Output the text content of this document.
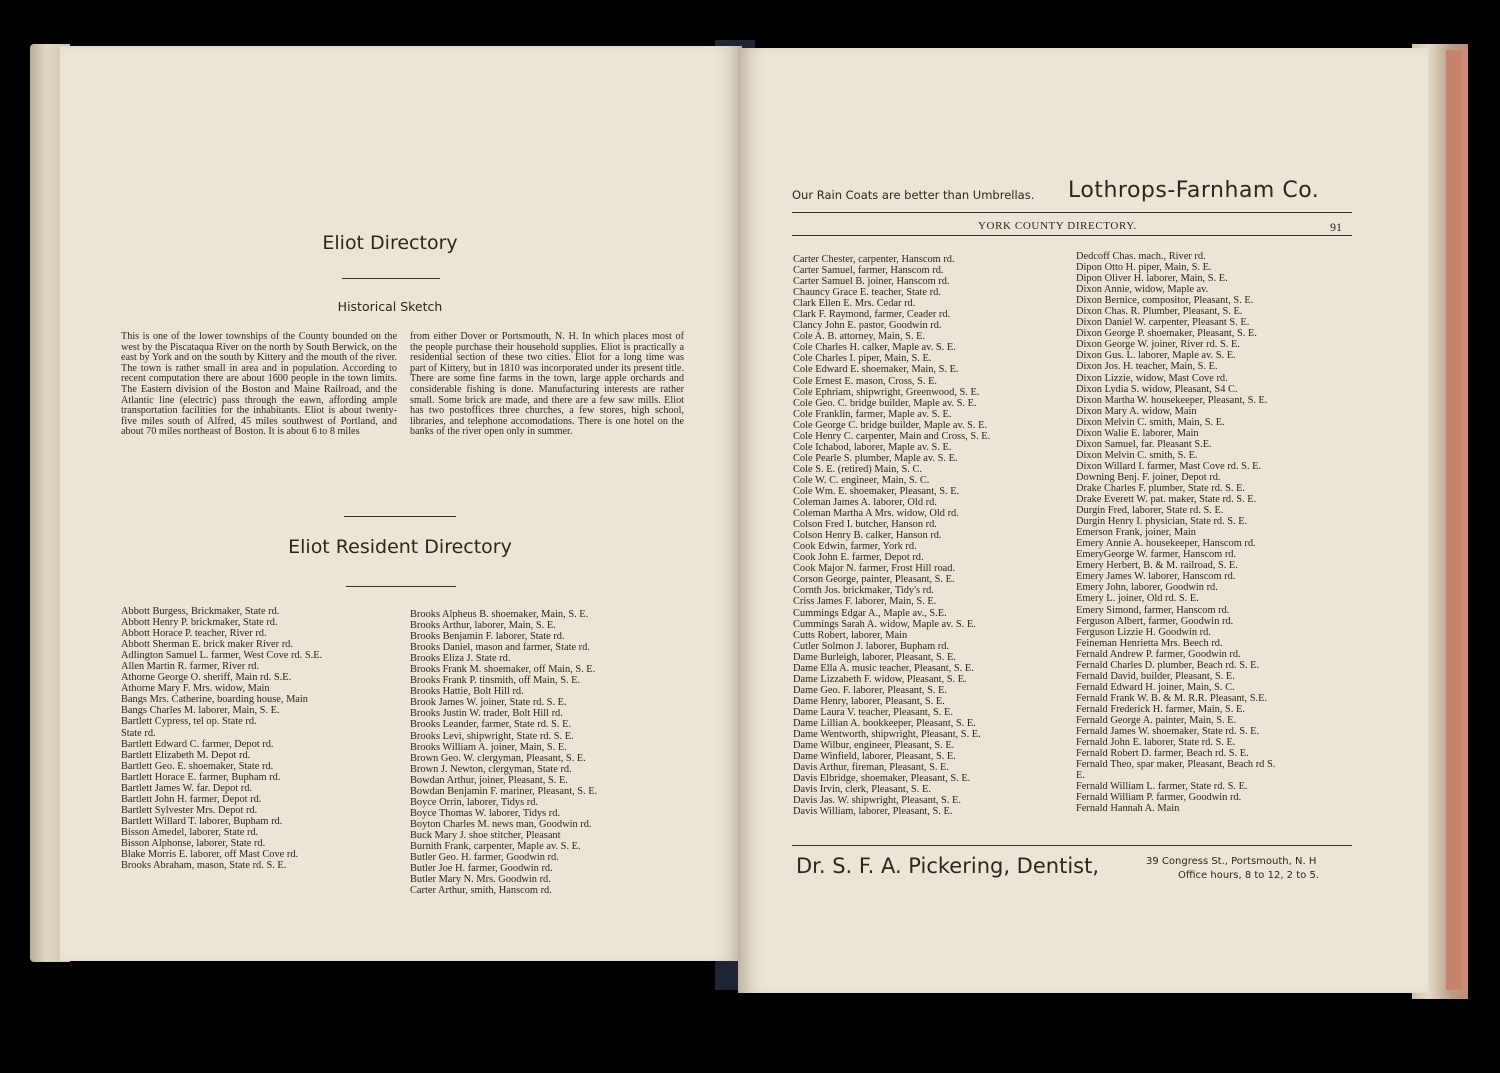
Eliot Directory
Historical Sketch
This is one of the lower townships of the County bounded on the west by the Piscataqua River on the north by South Berwick, on the east by York and on the south by Kittery and the mouth of the river. The town is rather small in area and in population. According to recent computation there are about 1600 people in the town limits. The Eastern division of the Boston and Maine Railroad, and the Atlantic line (electric) pass through the eawn, affording ample transportation facilities for the inhabitants. Eliot is about twenty-five miles south of Alfred, 45 miles southwest of Portland, and about 70 miles northeast of Boston. It is about 6 to 8 miles
from either Dover or Portsmouth, N. H. In which places most of the people purchase their household supplies. Eliot is practically a residential section of these two cities. Eliot for a long time was part of Kittery, but in 1810 was incorporated under its present title. There are some fine farms in the town, large apple orchards and considerable fishing is done. Manufacturing interests are rather small. Some brick are made, and there are a few saw mills. Eliot has two postoffices three churches, a few stores, high school, libraries, and telephone accomodations. There is one hotel on the banks of the river open only in summer.
Eliot Resident Directory
Abbott Burgess, Brickmaker, State rd.
Abbott Henry P. brickmaker, State rd.
Abbott Horace P. teacher, River rd.
Abbott Sherman E. brick maker River rd.
Adlington Samuel L. farmer, West Cove rd. S.E.
Allen Martin R. farmer, River rd.
Athorne George O. sheriff, Main rd. S.E.
Athorne Mary F. Mrs. widow, Main
Bangs Mrs. Catherine, boarding house, Main
Bangs Charles M. laborer, Main, S. E.
Bartlett Cypress, tel op. State rd.
State rd.
Bartlett Edward C. farmer, Depot rd.
Bartlett Elizabeth M. Depot rd.
Bartlett Geo. E. shoemaker, State rd.
Bartlett Horace E. farmer, Bupham rd.
Bartlett James W. far. Depot rd.
Bartlett John H. farmer, Depot rd.
Bartlett Sylvester Mrs. Depot rd.
Bartlett Willard T. laborer, Bupham rd.
Bisson Amedel, laborer, State rd.
Bisson Alphonse, laborer, State rd.
Blake Morris E. laborer, off Mast Cove rd.
Brooks Abraham, mason, State rd. S. E.
Brooks Alpheus B. shoemaker, Main, S. E.
Brooks Arthur, laborer, Main, S. E.
Brooks Benjamin F. laborer, State rd.
Brooks Daniel, mason and farmer, State rd.
Brooks Eliza J. State rd.
Brooks Frank M. shoemaker, off Main, S. E.
Brooks Frank P. tinsmith, off Main, S. E.
Brooks Hattie, Bolt Hill rd.
Brook James W. joiner, State rd. S. E.
Brooks Justin W. trader, Bolt Hill rd.
Brooks Leander, farmer, State rd. S. E.
Brooks Levi, shipwright, State rd. S. E.
Brooks William A. joiner, Main, S. E.
Brown Geo. W. clergyman, Pleasant, S. E.
Brown J. Newton, clergyman, State rd.
Bowdan Arthur, joiner, Pleasant, S. E.
Bowdan Benjamin F. mariner, Pleasant, S. E.
Boyce Orrin, laborer, Tidys rd.
Boyce Thomas W. laborer, Tidys rd.
Boyton Charles M. news man, Goodwin rd.
Buck Mary J. shoe stitcher, Pleasant
Burnith Frank, carpenter, Maple av. S. E.
Butler Geo. H. farmer, Goodwin rd.
Butler Joe H. farmer, Goodwin rd.
Butler Mary N. Mrs. Goodwin rd.
Carter Arthur, smith, Hanscom rd.
Our Rain Coats are better than Umbrellas. Lothrops-Farnham Co.
YORK COUNTY DIRECTORY.	91
Carter Chester, carpenter, Hanscom rd.
Carter Samuel, farmer, Hanscom rd.
Carter Samuel B. joiner, Hanscom rd.
Chauncy Grace E. teacher, State rd.
Clark Ellen E. Mrs. Cedar rd.
Clark F. Raymond, farmer, Ceader rd.
Clancy John E. pastor, Goodwin rd.
Cole A. B. attorney, Main, S. E.
Cole Charles H. calker, Maple av. S. E.
Cole Charles I. piper, Main, S. E.
Cole Edward E. shoemaker, Main, S. E.
Cole Ernest E. mason, Cross, S. E.
Cole Ephriam, shipwright, Greenwood, S. E.
Cole Geo. C. bridge builder, Maple av. S. E.
Cole Franklin, farmer, Maple av. S. E.
Cole George C. bridge builder, Maple av. S. E.
Cole Henry C. carpenter, Main and Cross, S. E.
Cole Ichabod, laborer, Maple av. S. E.
Cole Pearle S. plumber, Maple av. S. E.
Cole S. E. (retired) Main, S. C.
Cole W. C. engineer, Main, S. C.
Cole Wm. E. shoemaker, Pleasant, S. E.
Coleman James A. laborer, Old rd.
Coleman Martha A Mrs. widow, Old rd.
Colson Fred I. butcher, Hanson rd.
Colson Henry B. calker, Hanson rd.
Cook Edwin, farmer, York rd.
Cook John E. farmer, Depot rd.
Cook Major N. farmer, Frost Hill road.
Corson George, painter, Pleasant, S. E.
Cornth Jos. brickmaker, Tidy's rd.
Criss James F. laborer, Main, S. E.
Cummings Edgar A., Maple av., S.E.
Cummings Sarah A. widow, Maple av. S. E.
Cutts Robert, laborer, Main
Cutler Solmon J. laborer, Bupham rd.
Dame Burleigh, laborer, Pleasant, S. E.
Dame Ella A. music teacher, Pleasant, S. E.
Dame Lizzabeth F. widow, Pleasant, S. E.
Dame Geo. F. laborer, Pleasant, S. E.
Dame Henry, laborer, Pleasant, S. E.
Dame Laura V. teacher, Pleasant, S. E.
Dame Lillian A. bookkeeper, Pleasant, S. E.
Dame Wentworth, shipwright, Pleasant, S. E.
Dame Wilbur, engineer, Pleasant, S. E.
Dame Winfield, laborer, Pleasant, S. E.
Davis Arthur, fireman, Pleasant, S. E.
Davis Elbridge, shoemaker, Pleasant, S. E.
Davis Irvin, clerk, Pleasant, S. E.
Davis Jas. W. shipwright, Pleasant, S. E.
Davis William, laborer, Pleasant, S. E.
Dedcoff Chas. mach., River rd.
Dipon Otto H. piper, Main, S. E.
Dipon Oliver H. laborer, Main, S. E.
Dixon Annie, widow, Maple av.
Dixon Bernice, compositor, Pleasant, S. E.
Dixon Chas. R. Plumber, Pleasant, S. E.
Dixon Daniel W. carpenter, Pleasant S. E.
Dixon George P. shoemaker, Pleasant, S. E.
Dixon George W. joiner, River rd. S. E.
Dixon Gus. L. laborer, Maple av. S. E.
Dixon Jos. H. teacher, Main, S. E.
Dixon Lizzie, widow, Mast Cove rd.
Dixon Lydia S. widow, Pleasant, S4 C.
Dixon Martha W. housekeeper, Pleasant, S. E.
Dixon Mary A. widow, Main
Dixon Melvin C. smith, Main, S. E.
Dixon Walie E. laborer, Main
Dixon Samuel, far. Pleasant S.E.
Dixon Melvin C. smith, S. E.
Dixon Willard I. farmer, Mast Cove rd. S. E.
Downing Benj. F. joiner, Depot rd.
Drake Charles F. plumber, State rd. S. E.
Drake Everett W. pat. maker, State rd. S. E.
Durgin Fred, laborer, State rd. S. E.
Durgin Henry I. physician, State rd. S. E.
Emerson Frank, joiner, Main
Emery Annie A. housekeeper, Hanscom rd.
EmeryGeorge W. farmer, Hanscom rd.
Emery Herbert, B. & M. railroad, S. E.
Emery James W. laborer, Hanscom rd.
Emery John, laborer, Goodwin rd.
Emery L. joiner, Old rd. S. E.
Emery Simond, farmer, Hanscom rd.
Ferguson Albert, farmer, Goodwin rd.
Ferguson Lizzie H. Goodwin rd.
Feineman Henrietta Mrs. Beech rd.
Fernald Andrew P. farmer, Goodwin rd.
Fernald Charles D. plumber, Beach rd. S. E.
Fernald David, builder, Pleasant, S. E.
Fernald Edward H. joiner, Main, S. C.
Fernald Frank W. B. & M. R.R. Pleasant, S.E.
Fernald Frederick H. farmer, Main, S. E.
Fernald George A. painter, Main, S. E.
Fernald James W. shoemaker, State rd. S. E.
Fernald John E. laborer, State rd. S. E.
Fernald Robert D. farmer, Beach rd. S. E.
Fernald Theo, spar maker, Pleasant, Beach rd S.
E.
Fernald William L. farmer, State rd. S. E.
Fernald William P. farmer, Goodwin rd.
Fernald Hannah A. Main
Dr. S. F. A. Pickering, Dentist,	39 Congress St., Portsmouth, N. H
Office hours, 8 to 12, 2 to 5.
